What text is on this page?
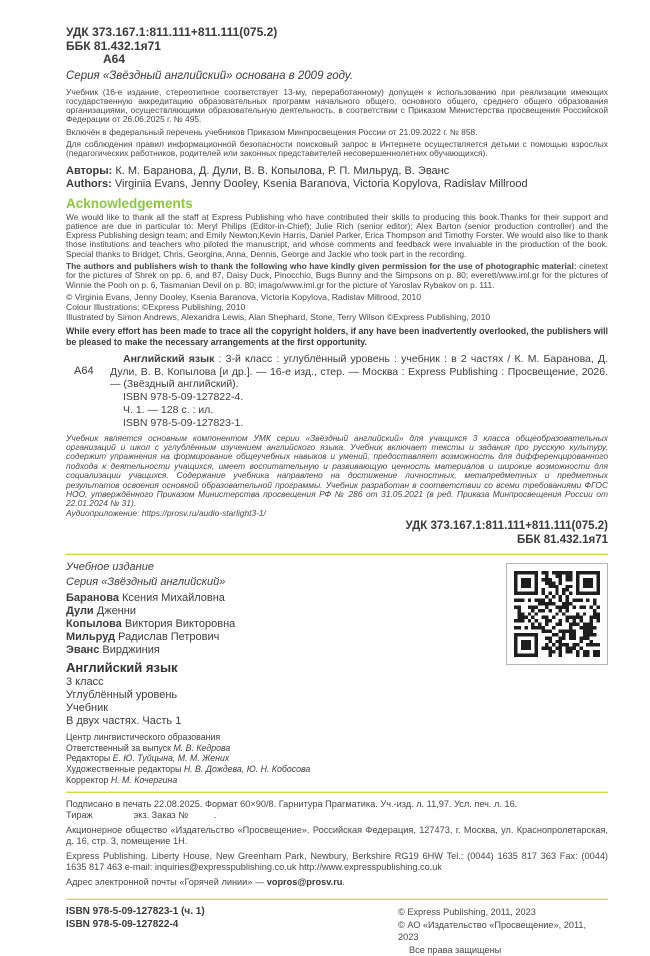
УДК 373.167.1:811.111+811.111(075.2)
ББК 81.432.1я71
А64
Серия «Звёздный английский» основана в 2009 году.

Учебник (16-е издание, стереотипное соответствует 13-му, переработанному) допущен к использованию при реализации имеющих государственную аккредитацию образовательных программ начального общего, основного общего, среднего общего образования организациями, осуществляющими образовательную деятельность, в соответствии с Приказом Министерства просвещения Российской Федерации от 26.06.2025 г. № 495.

Включён в федеральный перечень учебников Приказом Минпросвещения России от 21.09.2022 г. № 858.

Для соблюдения правил информационной безопасности поисковый запрос в Интернете осуществляется детьми с помощью взрослых (педагогических работников, родителей или законных представителей несовершеннолетних обучающихся).

Авторы: К. М. Баранова, Д. Дули, В. В. Копылова, Р. П. Мильруд, В. Эванс
Authors: Virginia Evans, Jenny Dooley, Ksenia Baranova, Victoria Kopylova, Radislav Millrood
Acknowledgements

We would like to thank all the staff at Express Publishing who have contributed their skills to producing this book.Thanks for their support and patience are due in particular to: Meryl Philips (Editor-in-Chief); Julie Rich (senior editor); Alex Barton (senior production controller) and the Express Publishing design team; and Emily Newton,Kevin Harris, Daniel Parker, Erica Thompson and Timothy Forster. We would also like to thank those institutions and teachers who piloted the manuscript, and whose comments and feedback were invaluable in the production of the book. Special thanks to Bridget, Chris, Georgina, Anna, Dennis, George and Jackie who took part in the recording.

The authors and publishers wish to thank the following who have kindly given permission for the use of photographic material: cinetext for the pictures of Shrek on pp. 6, and 87, Daisy Duck, Pinocchio, Bugs Bunny and the Simpsons on p. 80; everett/www.iml.gr for the pictures of Winnie the Pooh on p. 6, Tasmanian Devil on p. 80; imago/www.iml.gr for the picture of Yaroslav Rybakov on p. 111.

© Virginia Evans, Jenny Dooley, Ksenia Baranova, Victoria Kopylova, Radislav Millrood, 2010
Colour Illustrations: ©Express Publishing, 2010
Illustrated by Simon Andrews, Alexandra Lewis, Alan Shephard, Stone, Terry Wilson ©Express Publishing, 2010

While every effort has been made to trace all the copyright holders, if any have been inadvertently overlooked, the publishers will be pleased to make the necessary arrangements at the first opportunity.

А64
Английский язык : 3-й класс : углублённый уровень : учебник : в 2 частях / К. М. Баранова, Д. Дули, В. В. Копылова [и др.]. — 16-е изд., стер. — Москва : Express Publishing : Просвещение, 2026. — (Звёздный английский).
ISBN 978-5-09-127822-4.
Ч. 1. — 128 с. : ил.
ISBN 978-5-09-127823-1.

Учебник является основным компонентом УМК серии «Звёздный английский» для учащихся 3 класса общеобразовательных организаций и школ с углублённым изучением английского языка. Учебник включает тексты и задания про русскую культуру, содержит упражнения на формирование общеучебных навыков и умений, предоставляет возможность для дифференцированного подхода к деятельности учащихся, имеет воспитательную и развивающую ценность материалов и широкие возможности для социализации учащихся. Содержание учебника направлено на достижение личностных, метапредметных и предметных результатов освоения основной образовательной программы. Учебник разработан в соответствии со всеми требованиями ФГОС НОО, утверждённого Приказом Министерства просвещения РФ № 286 от 31.05.2021 (в ред. Приказа Минпросвещения России от 22.01.2024 № 31).

Аудиоприложение: https://prosv.ru/audio-starlight3-1/
УДК 373.167.1:811.111+811.111(075.2)
ББК 81.432.1я71
Учебное издание
Серия «Звёздный английский»
Баранова Ксения Михайловна
Дули Дженни
Копылова Виктория Викторовна
Мильруд Радислав Петрович
Эванс Вирджиния
Английский язык
3 класс
Углублённый уровень
Учебник
В двух частях. Часть 1
Центр лингвистического образования
Ответственный за выпуск М. В. Кедрова
Редакторы Е. Ю. Туйцына, М. М. Жених
Художественные редакторы Н. В. Дождева, Ю. Н. Кобосова
Корректор Н. М. Кочергина
Подписано в печать 22.08.2025. Формат 60×90/8. Гарнитура Прагматика. Уч.-изд. л. 11,97. Усл. печ. л. 16.
Тираж                экз. Заказ №          .

Акционерное общество «Издательство «Просвещение». Российская Федерация, 127473, г. Москва, ул. Краснопролетарская, д. 16, стр. 3, помещение 1Н.

Express Publishing. Liberty House, New Greenham Park, Newbury, Berkshire RG19 6HW Tel.: (0044) 1635 817 363 Fax: (0044) 1635 817 463 e-mail: inquiries@expresspublishing.co.uk http://www.expresspublishing.co.uk

Адрес электронной почты «Горячей линии» — vopros@prosv.ru.
ISBN 978-5-09-127823-1 (ч. 1)
ISBN 978-5-09-127822-4
© Express Publishing, 2011, 2023
© АО «Издательство «Просвещение», 2011, 2023
Все права защищены
